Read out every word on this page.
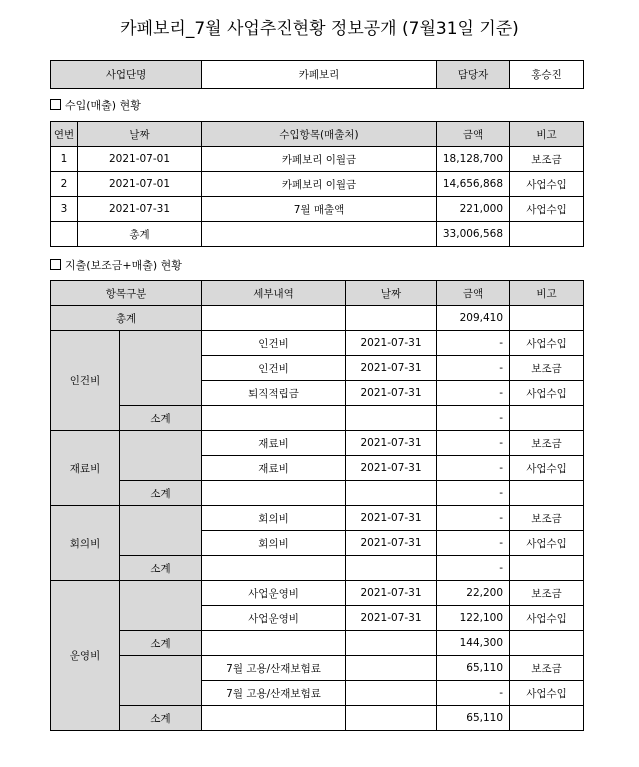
카페보리_7월 사업추진현황 정보공개 (7월31일 기준)
사업단명	카페보리	담당자	홍승진
수입(매출) 현황
연번	날짜	수입항목(매출처)	금액	비고
1	2021-07-01	카페보리 이월금	18,128,700	보조금
2	2021-07-01	카페보리 이월금	14,656,868	사업수입
3	2021-07-31	7월 매출액	221,000	사업수입
	총계		33,006,568	
지출(보조금+매출) 현황
항목구분		세부내역	날짜	금액	비고
총계				209,410	
인건비		인건비	2021-07-31	-	사업수입
		인건비	2021-07-31	-	보조금
		퇴직적립금	2021-07-31	-	사업수입
	소계			-	
재료비		재료비	2021-07-31	-	보조금
		재료비	2021-07-31	-	사업수입
	소계			-	
회의비		회의비	2021-07-31	-	보조금
		회의비	2021-07-31	-	사업수입
	소계			-	
운영비		사업운영비	2021-07-31	22,200	보조금
		사업운영비	2021-07-31	122,100	사업수입
	소계			144,300	
		7월 고용/산재보험료		65,110	보조금
		7월 고용/산재보험료		-	사업수입
	소계			65,110	
